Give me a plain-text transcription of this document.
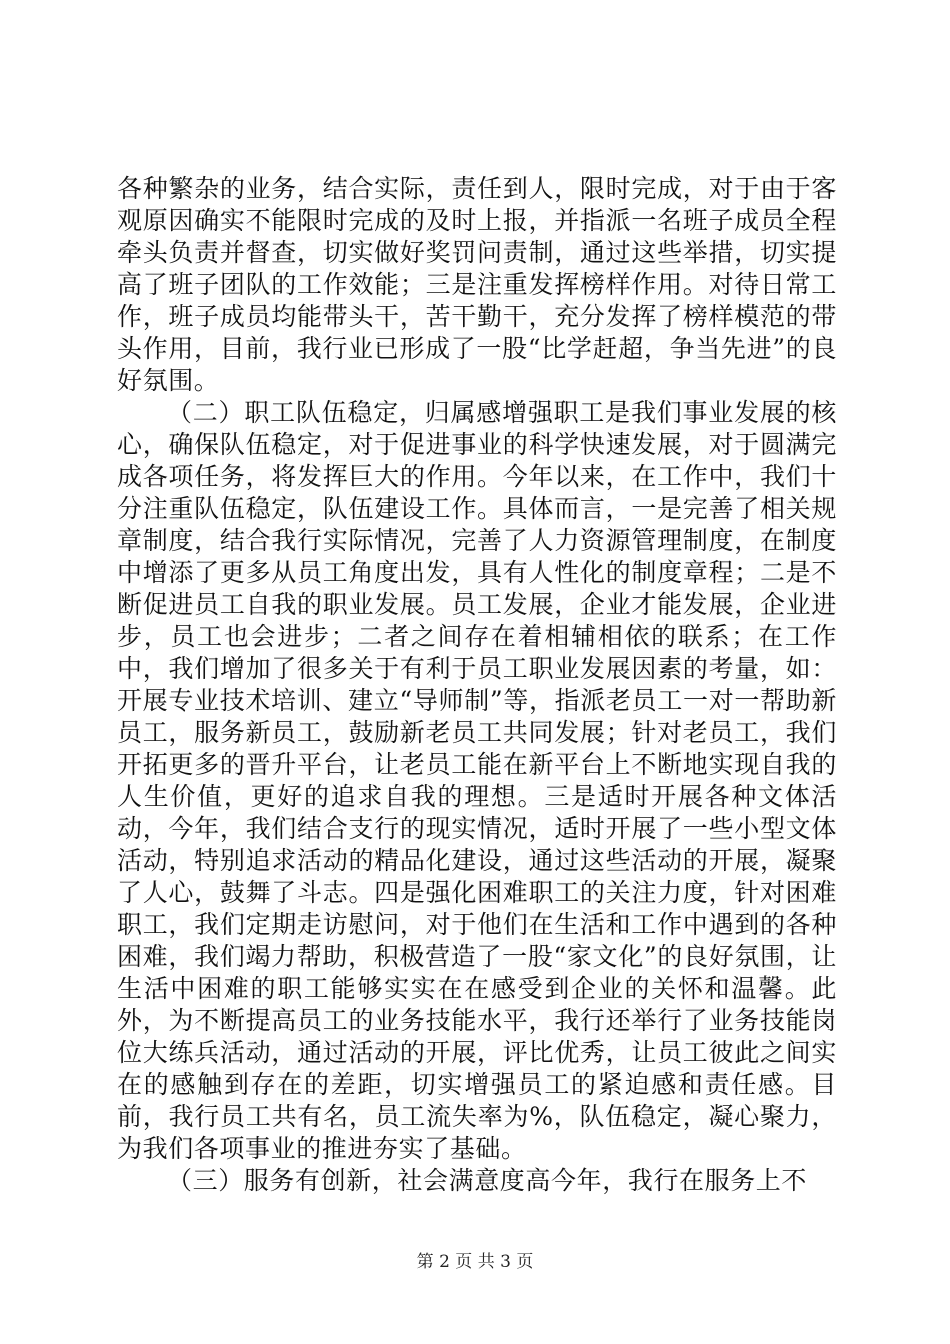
各种繁杂的业务，结合实际，责任到人，限时完成，对于由于客观原因确实不能限时完成的及时上报，并指派一名班子成员全程牵头负责并督查，切实做好奖罚问责制，通过这些举措，切实提高了班子团队的工作效能；三是注重发挥榜样作用。对待日常工作，班子成员均能带头干，苦干勤干，充分发挥了榜样模范的带头作用，目前，我行业已形成了一股“比学赶超，争当先进”的良好氛围。

（二）职工队伍稳定，归属感增强职工是我们事业发展的核心，确保队伍稳定，对于促进事业的科学快速发展，对于圆满完成各项任务，将发挥巨大的作用。今年以来，在工作中，我们十分注重队伍稳定，队伍建设工作。具体而言，一是完善了相关规章制度，结合我行实际情况，完善了人力资源管理制度，在制度中增添了更多从员工角度出发，具有人性化的制度章程；二是不断促进员工自我的职业发展。员工发展，企业才能发展，企业进步，员工也会进步；二者之间存在着相辅相依的联系；在工作中，我们增加了很多关于有利于员工职业发展因素的考量，如：开展专业技术培训、建立“导师制”等，指派老员工一对一帮助新员工，服务新员工，鼓励新老员工共同发展；针对老员工，我们开拓更多的晋升平台，让老员工能在新平台上不断地实现自我的人生价值，更好的追求自我的理想。三是适时开展各种文体活动，今年，我们结合支行的现实情况，适时开展了一些小型文体活动，特别追求活动的精品化建设，通过这些活动的开展，凝聚了人心，鼓舞了斗志。四是强化困难职工的关注力度，针对困难职工，我们定期走访慰问，对于他们在生活和工作中遇到的各种困难，我们竭力帮助，积极营造了一股“家文化”的良好氛围，让生活中困难的职工能够实实在在感受到企业的关怀和温馨。此外，为不断提高员工的业务技能水平，我行还举行了业务技能岗位大练兵活动，通过活动的开展，评比优秀，让员工彼此之间实在的感触到存在的差距，切实增强员工的紧迫感和责任感。目前，我行员工共有名，员工流失率为%，队伍稳定，凝心聚力，为我们各项事业的推进夯实了基础。

（三）服务有创新，社会满意度高今年，我行在服务上不

第 2 页 共 3 页
